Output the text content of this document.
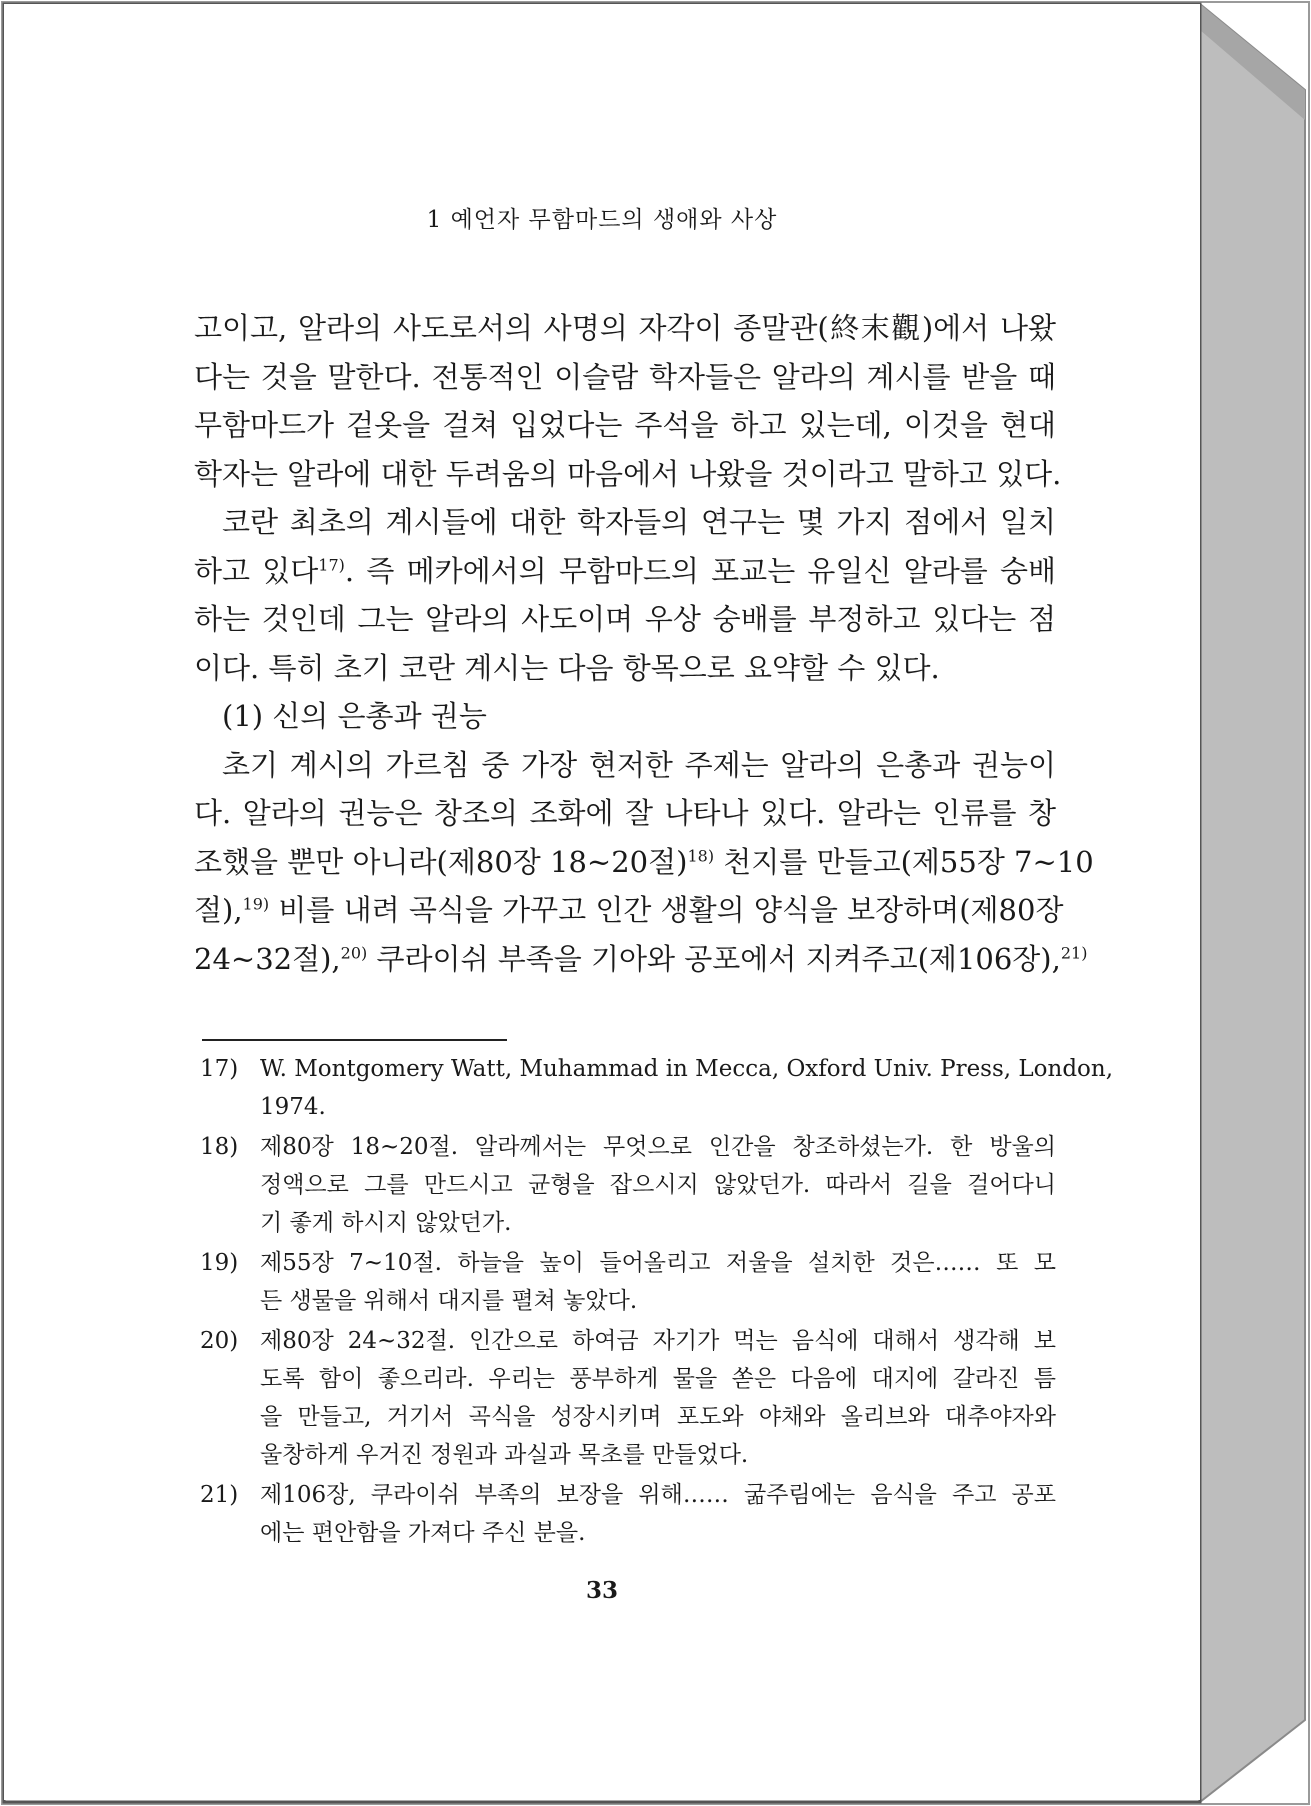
1 예언자 무함마드의 생애와 사상
고이고, 알라의 사도로서의 사명의 자각이 종말관(終末觀)에서 나왔
다는 것을 말한다. 전통적인 이슬람 학자들은 알라의 계시를 받을 때
무함마드가 겉옷을 걸쳐 입었다는 주석을 하고 있는데, 이것을 현대
학자는 알라에 대한 두려움의 마음에서 나왔을 것이라고 말하고 있다.
코란 최초의 계시들에 대한 학자들의 연구는 몇 가지 점에서 일치
하고 있다$^{17)}$. 즉 메카에서의 무함마드의 포교는 유일신 알라를 숭배
하는 것인데 그는 알라의 사도이며 우상 숭배를 부정하고 있다는 점
이다. 특히 초기 코란 계시는 다음 항목으로 요약할 수 있다.
(1) 신의 은총과 권능
초기 계시의 가르침 중 가장 현저한 주제는 알라의 은총과 권능이
다. 알라의 권능은 창조의 조화에 잘 나타나 있다. 알라는 인류를 창
조했을 뿐만 아니라(제80장 18~20절)$^{18)}$ 천지를 만들고(제55장 7~10
절),$^{19)}$ 비를 내려 곡식을 가꾸고 인간 생활의 양식을 보장하며(제80장
24~32절),$^{20)}$ 쿠라이쉬 부족을 기아와 공포에서 지켜주고(제106장),$^{21)}$
17) W. Montgomery Watt, Muhammad in Mecca, Oxford Univ. Press, London,
1974.
18) 제80장 18~20절. 알라께서는 무엇으로 인간을 창조하셨는가. 한 방울의
정액으로 그를 만드시고 균형을 잡으시지 않았던가. 따라서 길을 걸어다니
기 좋게 하시지 않았던가.
19) 제55장 7~10절. 하늘을 높이 들어올리고 저울을 설치한 것은…… 또 모
든 생물을 위해서 대지를 펼쳐 놓았다.
20) 제80장 24~32절. 인간으로 하여금 자기가 먹는 음식에 대해서 생각해 보
도록 함이 좋으리라. 우리는 풍부하게 물을 쏟은 다음에 대지에 갈라진 틈
을 만들고, 거기서 곡식을 성장시키며 포도와 야채와 올리브와 대추야자와
울창하게 우거진 정원과 과실과 목초를 만들었다.
21) 제106장, 쿠라이쉬 부족의 보장을 위해…… 굶주림에는 음식을 주고 공포
에는 편안함을 가져다 주신 분을.
33
